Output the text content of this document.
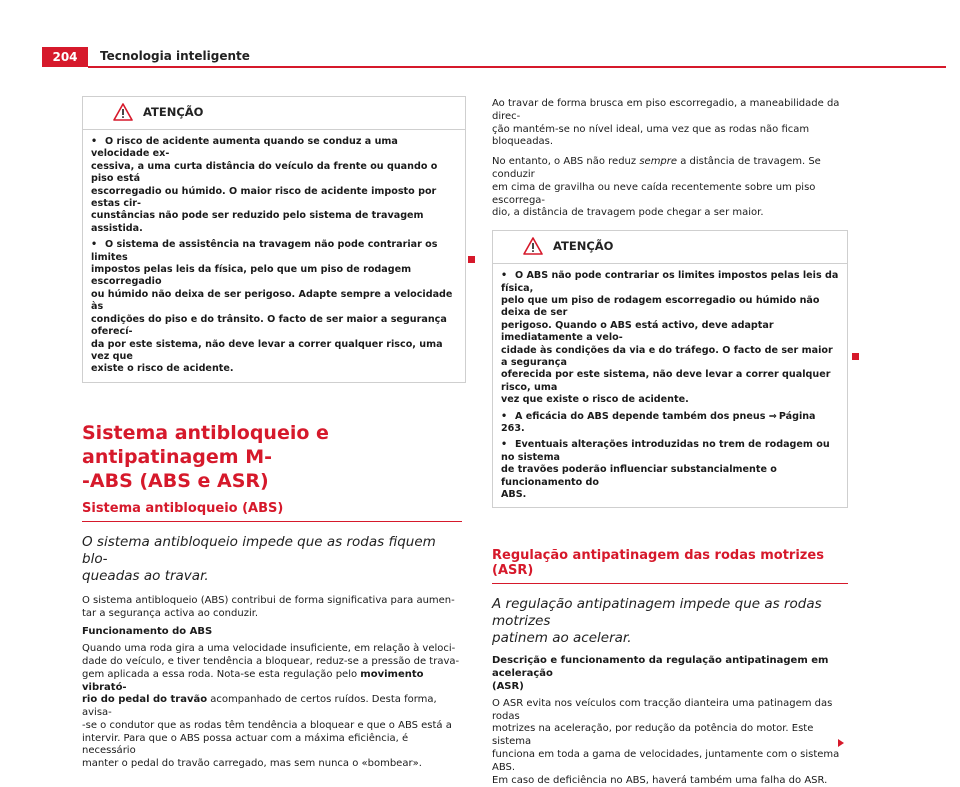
204	Tecnologia inteligente
ATENÇÃO
• O risco de acidente aumenta quando se conduz a uma velocidade ex-
cessiva, a uma curta distância do veículo da frente ou quando o piso está
escorregadio ou húmido. O maior risco de acidente imposto por estas cir-
cunstâncias não pode ser reduzido pelo sistema de travagem assistida.
• O sistema de assistência na travagem não pode contrariar os limites
impostos pelas leis da física, pelo que um piso de rodagem escorregadio
ou húmido não deixa de ser perigoso. Adapte sempre a velocidade às
condições do piso e do trânsito. O facto de ser maior a segurança oferecí-
da por este sistema, não deve levar a correr qualquer risco, uma vez que
existe o risco de acidente.
Sistema antibloqueio e antipatinagem M-
-ABS (ABS e ASR)
Sistema antibloqueio (ABS)

O sistema antibloqueio impede que as rodas fiquem blo-
queadas ao travar.

O sistema antibloqueio (ABS) contribui de forma significativa para aumen-
tar a segurança activa ao conduzir.

Funcionamento do ABS

Quando uma roda gira a uma velocidade insuficiente, em relação à veloci-
dade do veículo, e tiver tendência a bloquear, reduz-se a pressão de trava-
gem aplicada a essa roda. Nota-se esta regulação pelo movimento vibrató-
rio do pedal do travão acompanhado de certos ruídos. Desta forma, avisa-
-se o condutor que as rodas têm tendência a bloquear e que o ABS está a
intervir. Para que o ABS possa actuar com a máxima eficiência, é necessário
manter o pedal do travão carregado, mas sem nunca o «bombear».

Ao travar de forma brusca em piso escorregadio, a maneabilidade da direc-
ção mantém-se no nível ideal, uma vez que as rodas não ficam bloqueadas.

No entanto, o ABS não reduz sempre a distância de travagem. Se conduzir
em cima de gravilha ou neve caída recentemente sobre um piso escorrega-
dio, a distância de travagem pode chegar a ser maior.

ATENÇÃO
• O ABS não pode contrariar os limites impostos pelas leis da física,
pelo que um piso de rodagem escorregadio ou húmido não deixa de ser
perigoso. Quando o ABS está activo, deve adaptar imediatamente a velo-
cidade às condições da via e do tráfego. O facto de ser maior a segurança
oferecida por este sistema, não deve levar a correr qualquer risco, uma
vez que existe o risco de acidente.
• A eficácia do ABS depende também dos pneus ⇒ Página 263.
• Eventuais alterações introduzidas no trem de rodagem ou no sistema
de travões poderão influenciar substancialmente o funcionamento do
ABS.
Regulação antipatinagem das rodas motrizes (ASR)

A regulação antipatinagem impede que as rodas motrizes
patinem ao acelerar.

Descrição e funcionamento da regulação antipatinagem em aceleração
(ASR)

O ASR evita nos veículos com tracção dianteira uma patinagem das rodas
motrizes na aceleração, por redução da potência do motor. Este sistema
funciona em toda a gama de velocidades, juntamente com o sistema ABS.
Em caso de deficiência no ABS, haverá também uma falha do ASR.
